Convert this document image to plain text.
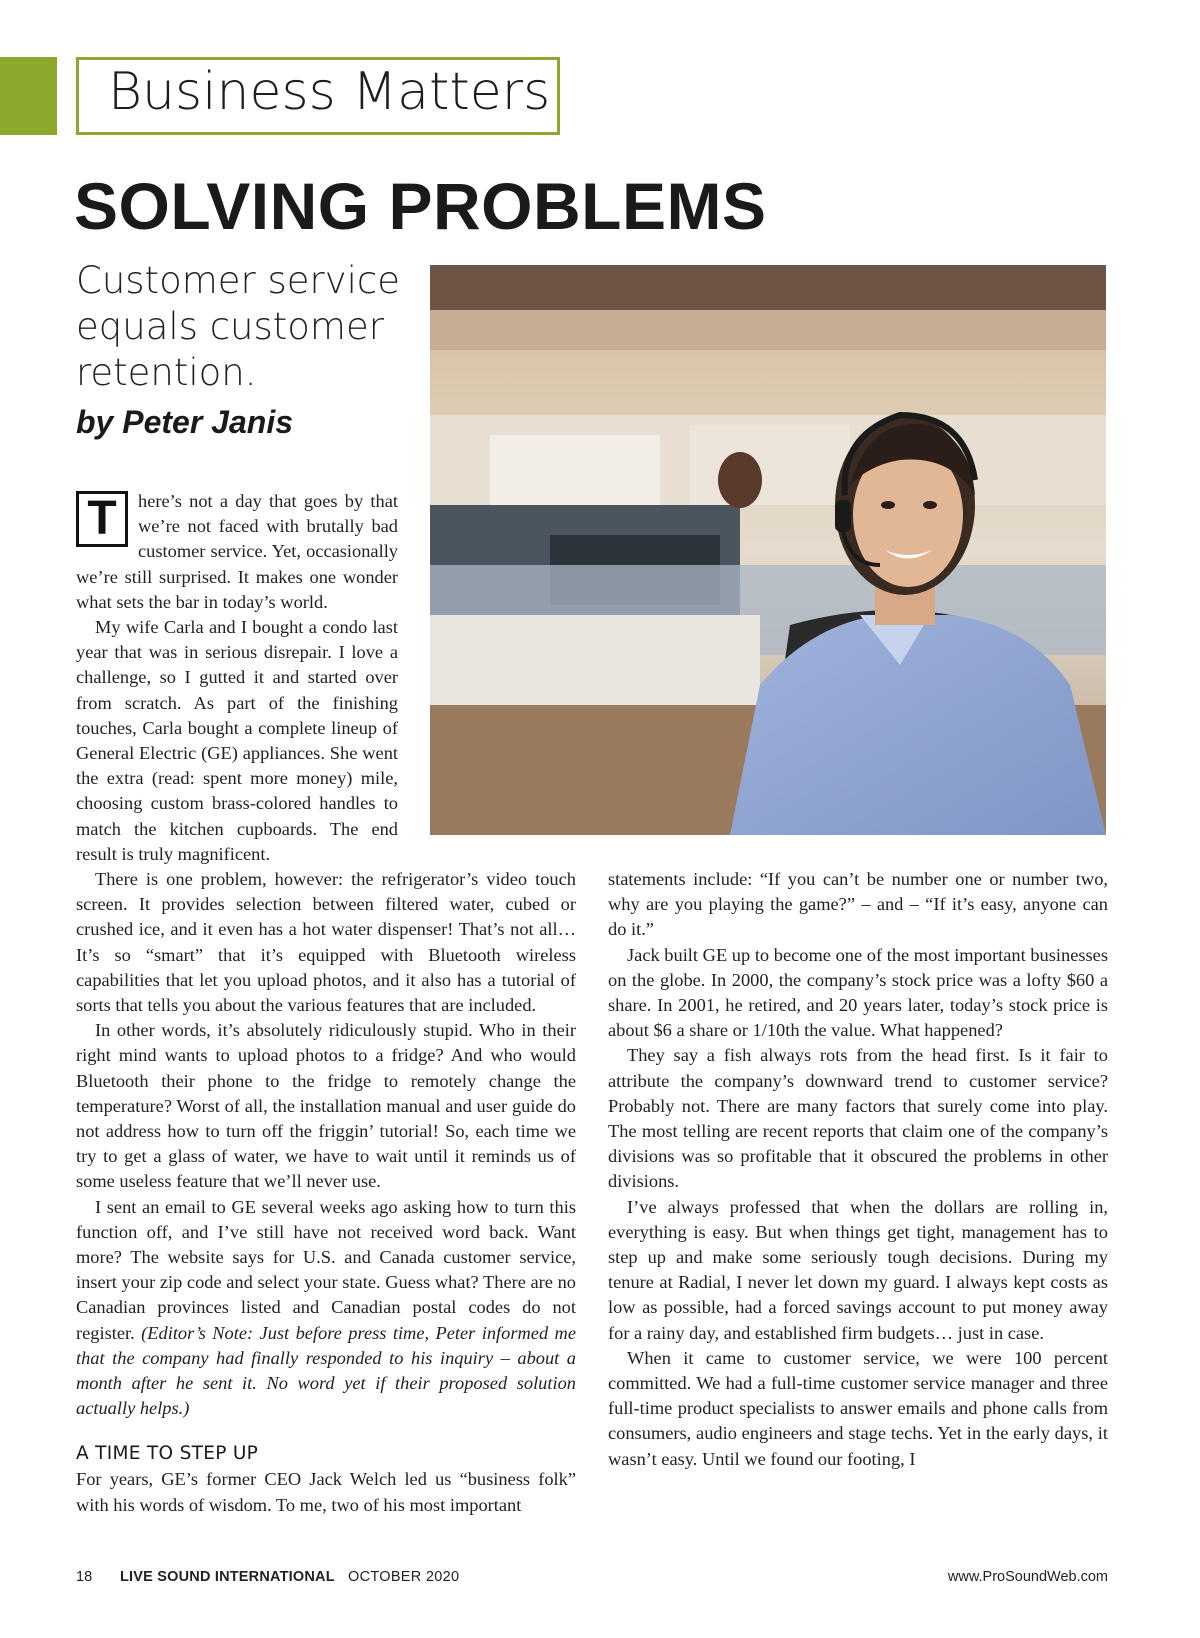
Business Matters
SOLVING PROBLEMS
Customer service equals customer retention.
by Peter Janis
T	here’s not a day that goes by that we’re not faced with brutally bad customer service. Yet, occasionally we’re still surprised. It makes one wonder what sets the bar in today’s world.

My wife Carla and I bought a condo last year that was in serious disrepair. I love a challenge, so I gutted it and started over from scratch. As part of the finishing touches, Carla bought a complete lineup of General Electric (GE) appliances. She went the extra (read: spent more money) mile, choosing custom brass-colored handles to match the kitchen cupboards. The end result is truly magnificent.

There is one problem, however: the refrigerator’s video touch screen. It provides selection between filtered water, cubed or crushed ice, and it even has a hot water dispenser! That’s not all… It’s so “smart” that it’s equipped with Bluetooth wireless capabilities that let you upload photos, and it also has a tutorial of sorts that tells you about the various features that are included.

In other words, it’s absolutely ridiculously stupid. Who in their right mind wants to upload photos to a fridge? And who would Bluetooth their phone to the fridge to remotely change the temperature? Worst of all, the installation manual and user guide do not address how to turn off the friggin’ tutorial! So, each time we try to get a glass of water, we have to wait until it reminds us of some useless feature that we’ll never use.

I sent an email to GE several weeks ago asking how to turn this function off, and I’ve still have not received word back. Want more? The website says for U.S. and Canada customer service, insert your zip code and select your state. Guess what? There are no Canadian provinces listed and Canadian postal codes do not register. (Editor’s Note: Just before press time, Peter informed me that the company had finally responded to his inquiry – about a month after he sent it. No word yet if their proposed solution actually helps.)

A TIME TO STEP UP

For years, GE’s former CEO Jack Welch led us “business folk” with his words of wisdom. To me, two of his most important

statements include: “If you can’t be number one or number two, why are you playing the game?” – and – “If it’s easy, anyone can do it.”

Jack built GE up to become one of the most important businesses on the globe. In 2000, the company’s stock price was a lofty $60 a share. In 2001, he retired, and 20 years later, today’s stock price is about $6 a share or 1/10th the value. What happened?

They say a fish always rots from the head first. Is it fair to attribute the company’s downward trend to customer service? Probably not. There are many factors that surely come into play. The most telling are recent reports that claim one of the company’s divisions was so profitable that it obscured the problems in other divisions.

I’ve always professed that when the dollars are rolling in, everything is easy. But when things get tight, management has to step up and make some seriously tough decisions. During my tenure at Radial, I never let down my guard. I always kept costs as low as possible, had a forced savings account to put money away for a rainy day, and established firm budgets… just in case.

When it came to customer service, we were 100 percent committed. We had a full-time customer service manager and three full-time product specialists to answer emails and phone calls from consumers, audio engineers and stage techs. Yet in the early days, it wasn’t easy. Until we found our footing, I

18 LIVE SOUND INTERNATIONAL OCTOBER 2020	www.ProSoundWeb.com
